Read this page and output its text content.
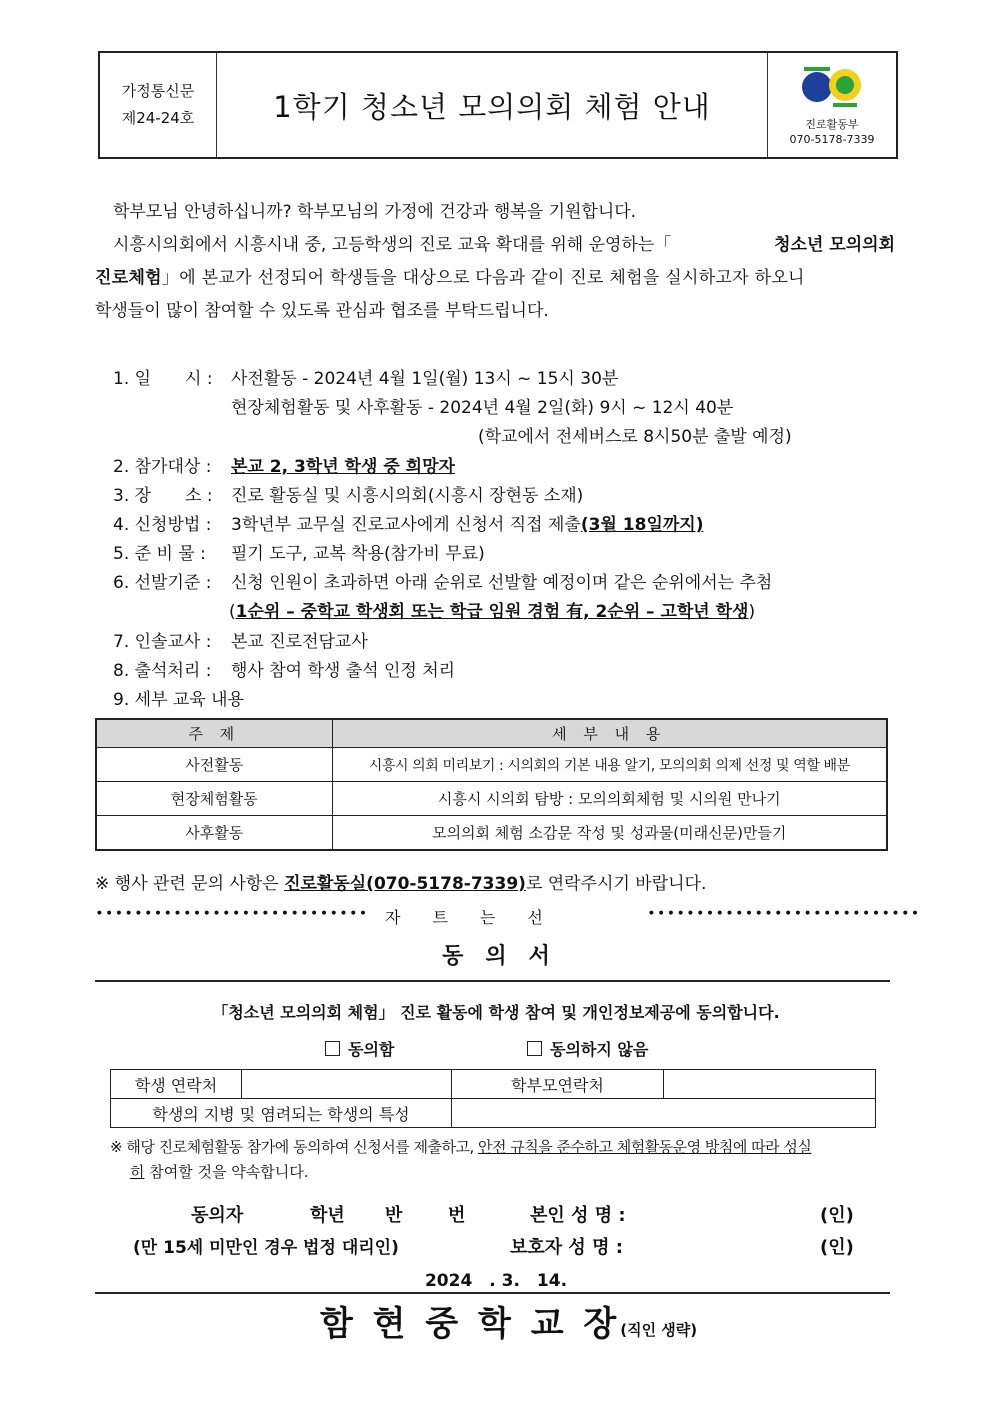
가정통신문
제24-24호	1학기 청소년 모의의회 체험 안내
진로활동부
070-5178-7339
학부모님 안녕하십니까? 학부모님의 가정에 건강과 행복을 기원합니다.
시흥시의회에서 시흥시내 중, 고등학생의 진로 교육 확대를 위해 운영하는「	청소년 모의의회
진로체험」에 본교가 선정되어 학생들을 대상으로 다음과 같이 진로 체험을 실시하고자 하오니
학생들이 많이 참여할 수 있도록 관심과 협조를 부탁드립니다.
1. 일　　시 : 사전활동 - 2024년 4월 1일(월) 13시 ~ 15시 30분
현장체험활동 및 사후활동 - 2024년 4월 2일(화) 9시 ~ 12시 40분
(학교에서 전세버스로 8시50분 출발 예정)
2. 참가대상 : 본교 2, 3학년 학생 중 희망자
3. 장　　소 : 진로 활동실 및 시흥시의회(시흥시 장현동 소재)
4. 신청방법 : 3학년부 교무실 진로교사에게 신청서 직접 제출(3월 18일까지)
5. 준 비 물 : 필기 도구, 교복 착용(참가비 무료)
6. 선발기준 : 신청 인원이 초과하면 아래 순위로 선발할 예정이며 같은 순위에서는 추첨
(1순위 – 중학교 학생회 또는 학급 임원 경험 有, 2순위 – 고학년 학생)
7. 인솔교사 : 본교 진로전담교사
8. 출석처리 : 행사 참여 학생 출석 인정 처리
9. 세부 교육 내용
주 제	세 부 내 용
사전활동	시흥시 의회 미리보기 : 시의회의 기본 내용 알기, 모의의회 의제 선정 및 역할 배분
현장체험활동	시흥시 시의회 탐방 : 모의의회체험 및 시의원 만나기
사후활동	모의의회 체험 소감문 작성 및 성과물(미래신문)만들기
※ 행사 관련 문의 사항은 진로활동실(070-5178-7339)로 연락주시기 바랍니다.
∙∙∙∙∙∙∙∙∙∙∙∙∙∙∙∙∙∙∙∙∙∙∙∙∙∙∙∙ 자　　트　　는　　선	∙∙∙∙∙∙∙∙∙∙∙∙∙∙∙∙∙∙∙∙∙∙∙∙∙∙∙∙
동　의　서
「청소년 모의의회 체험」 진로 활동에 학생 참여 및 개인정보제공에 동의합니다.
동의함	동의하지 않음
학생 연락처		학부모연락처	
학생의 지병 및 염려되는 학생의 특성			
※ 해당 진로체험활동 참가에 동의하여 신청서를 제출하고, 안전 규칙을 준수하고 체험활동운영 방침에 따라 성실
히 참여할 것을 약속합니다.
동의자	학년 반	번	본인 성 명 :	(인)
(만 15세 미만인 경우 법정 대리인)	보호자 성 명 :	(인)
2024　. 3.　14.
함 현 중 학 교 장(직인 생략)
